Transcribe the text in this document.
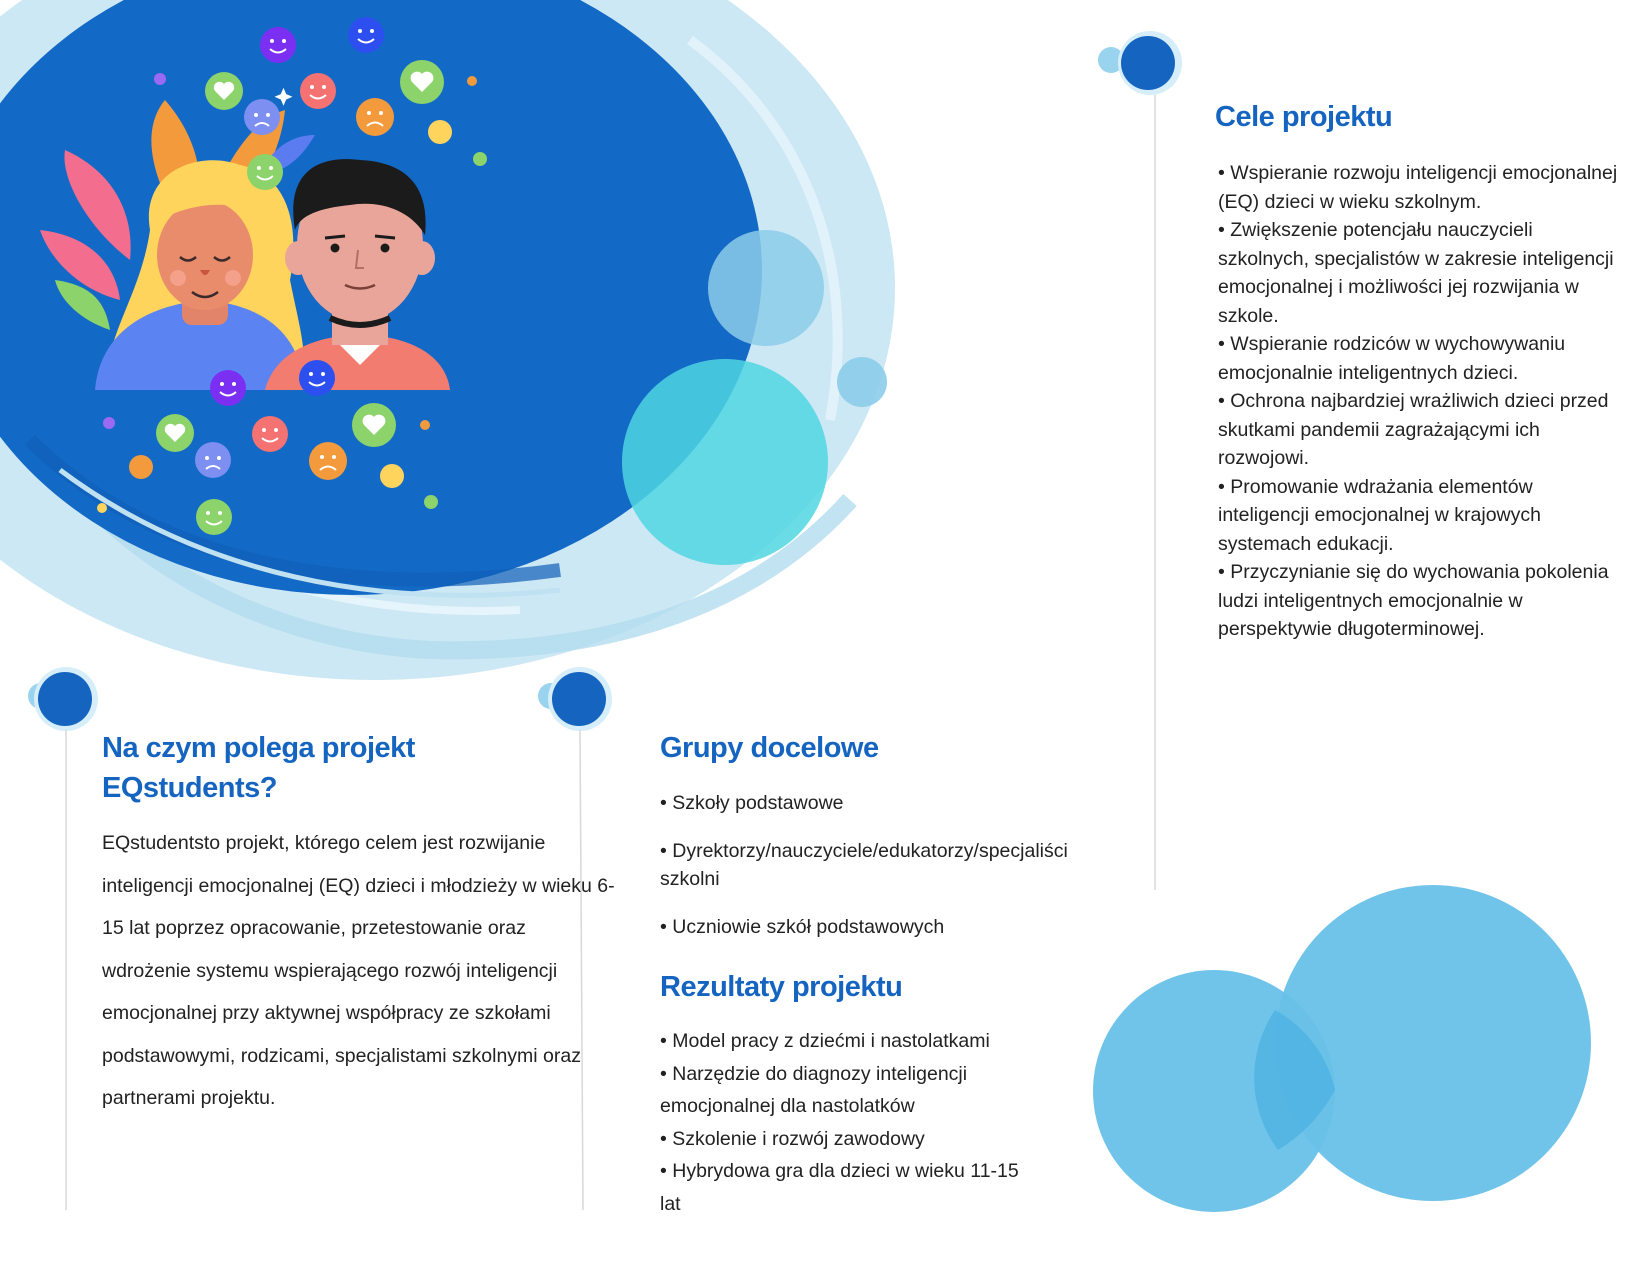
Na czym polega projekt
EQstudents?

EQstudentsto projekt, którego celem jest rozwijanie inteligencji emocjonalnej (EQ) dzieci i młodzieży w wieku 6-15 lat poprzez opracowanie, przetestowanie oraz wdrożenie systemu wspierającego rozwój inteligencji emocjonalnej przy aktywnej współpracy ze szkołami podstawowymi, rodzicami, specjalistami szkolnymi oraz partnerami projektu.

Grupy docelowe
• Szkoły podstawowe
• Dyrektorzy/nauczyciele/edukatorzy/specjaliści szkolni
• Uczniowie szkół podstawowych
Rezultaty projektu
• Model pracy z dziećmi i nastolatkami
• Narzędzie do diagnozy inteligencji emocjonalnej dla nastolatków
• Szkolenie i rozwój zawodowy
• Hybrydowa gra dla dzieci w wieku 11-15 lat
Cele projektu
• Wspieranie rozwoju inteligencji emocjonalnej (EQ) dzieci w wieku szkolnym.
• Zwiększenie potencjału nauczycieli szkolnych, specjalistów w zakresie inteligencji emocjonalnej i możliwości jej rozwijania w szkole.
• Wspieranie rodziców w wychowywaniu emocjonalnie inteligentnych dzieci.
• Ochrona najbardziej wrażliwich dzieci przed skutkami pandemii zagrażającymi ich rozwojowi.
• Promowanie wdrażania elementów inteligencji emocjonalnej w krajowych systemach edukacji.
• Przyczynianie się do wychowania pokolenia ludzi inteligentnych emocjonalnie w perspektywie długoterminowej.
